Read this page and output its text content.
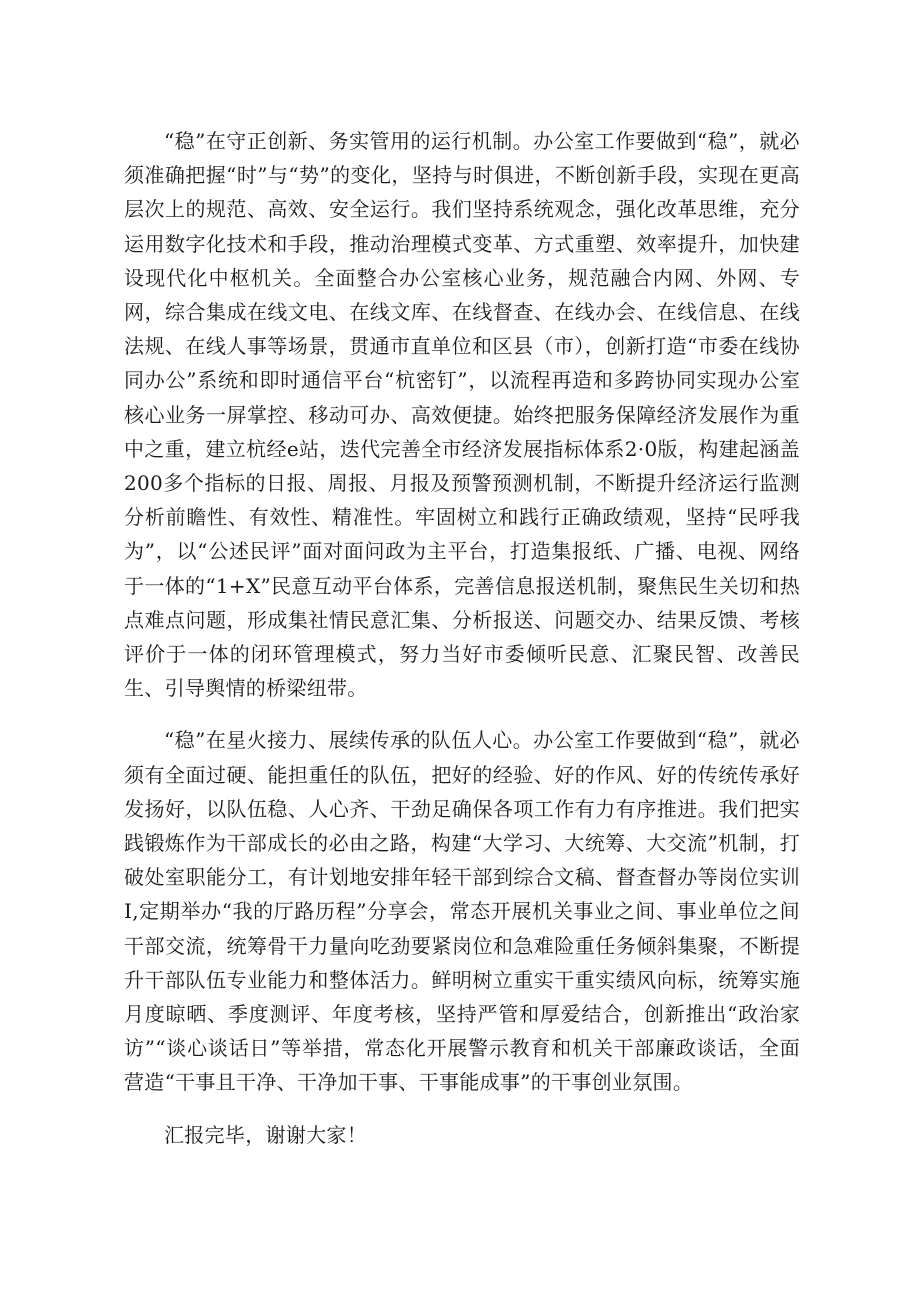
“稳”在守正创新、务实管用的运行机制。办公室工作要做到“稳”，就必须准确把握“时”与“势”的变化，坚持与时俱进，不断创新手段，实现在更高层次上的规范、高效、安全运行。我们坚持系统观念，强化改革思维，充分运用数字化技术和手段，推动治理模式变革、方式重塑、效率提升，加快建设现代化中枢机关。全面整合办公室核心业务，规范融合内网、外网、专网，综合集成在线文电、在线文库、在线督查、在线办会、在线信息、在线法规、在线人事等场景，贯通市直单位和区县（市），创新打造“市委在线协同办公”系统和即时通信平台“杭密钉”，以流程再造和多跨协同实现办公室核心业务一屏掌控、移动可办、高效便捷。始终把服务保障经济发展作为重中之重，建立杭经e站，迭代完善全市经济发展指标体系2·0版，构建起涵盖200多个指标的日报、周报、月报及预警预测机制，不断提升经济运行监测分析前瞻性、有效性、精准性。牢固树立和践行正确政绩观，坚持“民呼我为”，以“公述民评”面对面问政为主平台，打造集报纸、广播、电视、网络于一体的“1+X”民意互动平台体系，完善信息报送机制，聚焦民生关切和热点难点问题，形成集社情民意汇集、分析报送、问题交办、结果反馈、考核评价于一体的闭环管理模式，努力当好市委倾听民意、汇聚民智、改善民生、引导舆情的桥梁纽带。

“稳”在星火接力、展续传承的队伍人心。办公室工作要做到“稳”，就必须有全面过硬、能担重任的队伍，把好的经验、好的作风、好的传统传承好发扬好，以队伍稳、人心齐、干劲足确保各项工作有力有序推进。我们把实践锻炼作为干部成长的必由之路，构建“大学习、大统筹、大交流”机制，打破处室职能分工，有计划地安排年轻干部到综合文稿、督查督办等岗位实训Ι,定期举办“我的厅路历程”分享会，常态开展机关事业之间、事业单位之间干部交流，统筹骨干力量向吃劲要紧岗位和急难险重任务倾斜集聚，不断提升干部队伍专业能力和整体活力。鲜明树立重实干重实绩风向标，统筹实施月度晾晒、季度测评、年度考核，坚持严管和厚爱结合，创新推出“政治家访”“谈心谈话日”等举措，常态化开展警示教育和机关干部廉政谈话，全面营造“干事且干净、干净加干事、干事能成事”的干事创业氛围。

汇报完毕，谢谢大家！
